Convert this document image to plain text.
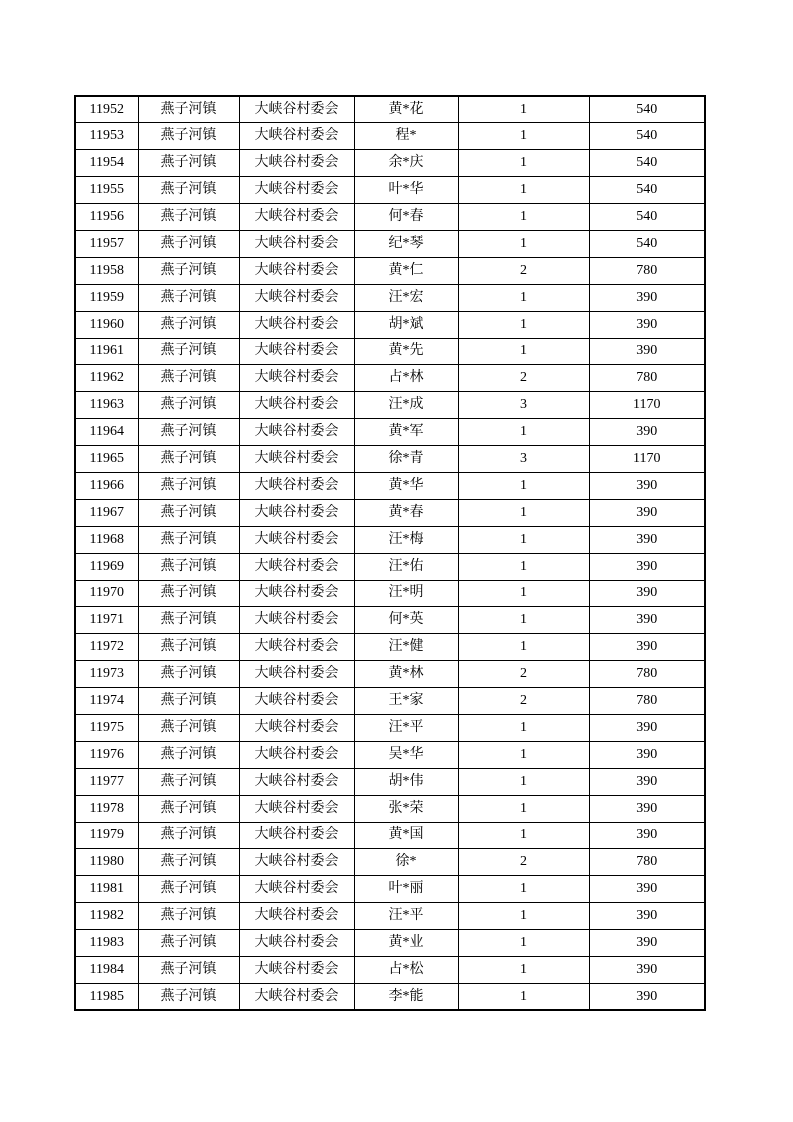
11952	燕子河镇	大峡谷村委会	黄*花	1	540
11953	燕子河镇	大峡谷村委会	程*	1	540
11954	燕子河镇	大峡谷村委会	余*庆	1	540
11955	燕子河镇	大峡谷村委会	叶*华	1	540
11956	燕子河镇	大峡谷村委会	何*春	1	540
11957	燕子河镇	大峡谷村委会	纪*琴	1	540
11958	燕子河镇	大峡谷村委会	黄*仁	2	780
11959	燕子河镇	大峡谷村委会	汪*宏	1	390
11960	燕子河镇	大峡谷村委会	胡*斌	1	390
11961	燕子河镇	大峡谷村委会	黄*先	1	390
11962	燕子河镇	大峡谷村委会	占*林	2	780
11963	燕子河镇	大峡谷村委会	汪*成	3	1170
11964	燕子河镇	大峡谷村委会	黄*军	1	390
11965	燕子河镇	大峡谷村委会	徐*青	3	1170
11966	燕子河镇	大峡谷村委会	黄*华	1	390
11967	燕子河镇	大峡谷村委会	黄*春	1	390
11968	燕子河镇	大峡谷村委会	汪*梅	1	390
11969	燕子河镇	大峡谷村委会	汪*佑	1	390
11970	燕子河镇	大峡谷村委会	汪*明	1	390
11971	燕子河镇	大峡谷村委会	何*英	1	390
11972	燕子河镇	大峡谷村委会	汪*健	1	390
11973	燕子河镇	大峡谷村委会	黄*林	2	780
11974	燕子河镇	大峡谷村委会	王*家	2	780
11975	燕子河镇	大峡谷村委会	汪*平	1	390
11976	燕子河镇	大峡谷村委会	吴*华	1	390
11977	燕子河镇	大峡谷村委会	胡*伟	1	390
11978	燕子河镇	大峡谷村委会	张*荣	1	390
11979	燕子河镇	大峡谷村委会	黄*国	1	390
11980	燕子河镇	大峡谷村委会	徐*	2	780
11981	燕子河镇	大峡谷村委会	叶*丽	1	390
11982	燕子河镇	大峡谷村委会	汪*平	1	390
11983	燕子河镇	大峡谷村委会	黄*业	1	390
11984	燕子河镇	大峡谷村委会	占*松	1	390
11985	燕子河镇	大峡谷村委会	李*能	1	390
